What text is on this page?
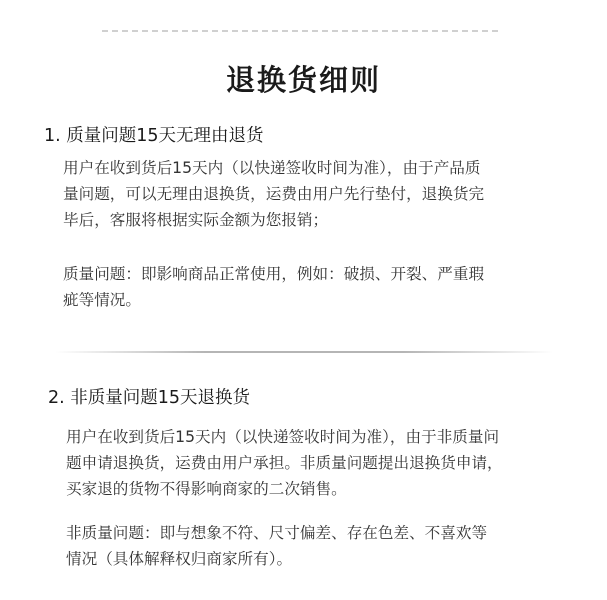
退换货细则
1. 质量问题15天无理由退货
用户在收到货后15天内（以快递签收时间为准），由于产品质
量问题，可以无理由退换货，运费由用户先行垫付，退换货完
毕后，客服将根据实际金额为您报销；
质量问题：即影响商品正常使用，例如：破损、开裂、严重瑕
疵等情况。
2. 非质量问题15天退换货
用户在收到货后15天内（以快递签收时间为准），由于非质量问
题申请退换货，运费由用户承担。非质量问题提出退换货申请，
买家退的货物不得影响商家的二次销售。
非质量问题：即与想象不符、尺寸偏差、存在色差、不喜欢等
情况（具体解释权归商家所有）。
